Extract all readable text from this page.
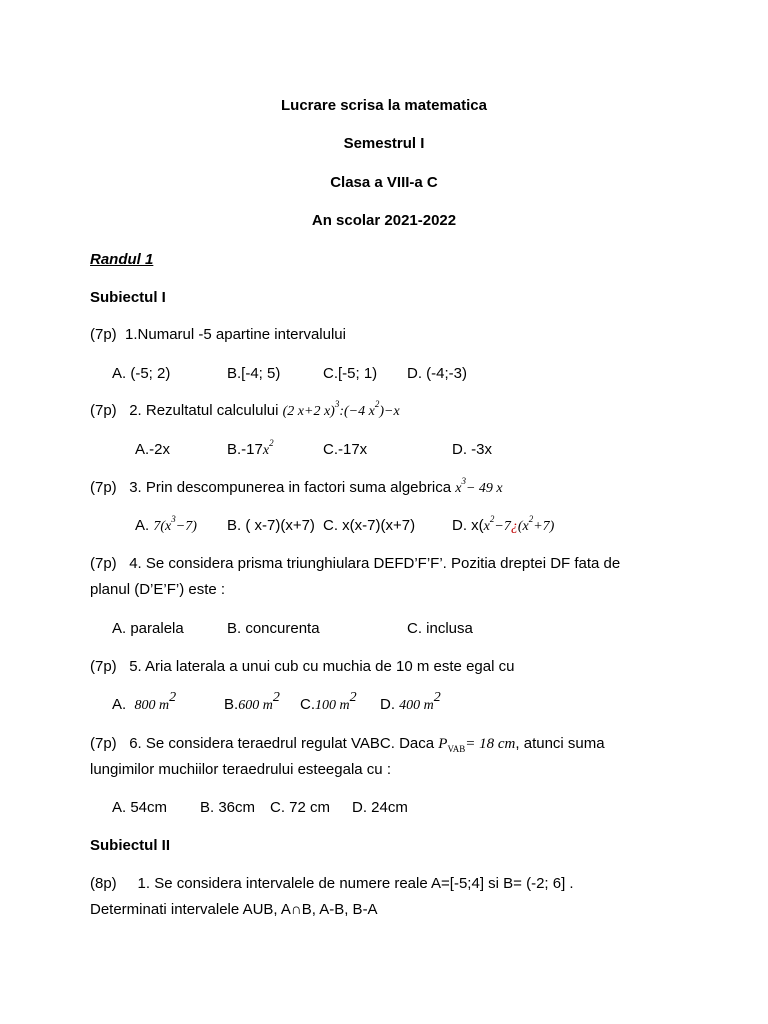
Lucrare scrisa la matematica
Semestrul I
Clasa a VIII-a C
An scolar 2021-2022
Randul 1
Subiectul I
(7p) 1.Numarul -5 apartine intervalului
A. (-5; 2)	B.[-4; 5)	C.[-5; 1) D. (-4;-3)
(7p) 2. Rezultatul calculului (2 x+2 x)$^3$:(−4 $x^2)-x$
A.-2x	$B.-17x^2$	C.-17x	D. -3x
(7p) 3. Prin descompunerea in factori suma algebrica $x^3- 49$ x
A. $7(x^3-7)$ B. ( x-7)(x+7) C. x(x-7)(x+7) D. $x(x^2-7¿(x^2+7)$
(7p) 4. Se considera prisma triunghiulara DEFD’F’F’. Pozitia dreptei DF fata de
planul (D’E’F’) este :
A. paralela	B. concurenta	C. inclusa
(7p) 5. Aria laterala a unui cub cu muchia de 10 m este egal cu
A. 800 $m^2$	B.600 $m^2$ C.100 $m^2$ D. 400 $m^2$
(7p) 6. Se considera teraedrul regulat VABC. Daca $P_{VAB}= 18$ cm, atunci suma
lungimilor muchiilor teraedrului esteegala cu :
A. 54cm B. 36cm C. 72 cm D. 24cm
Subiectul II
(8p) 1. Se considera intervalele de numere reale A=[-5;4] si B= (-2; 6] .
Determinati intervalele AUB, A∩B, A-B, B-A
